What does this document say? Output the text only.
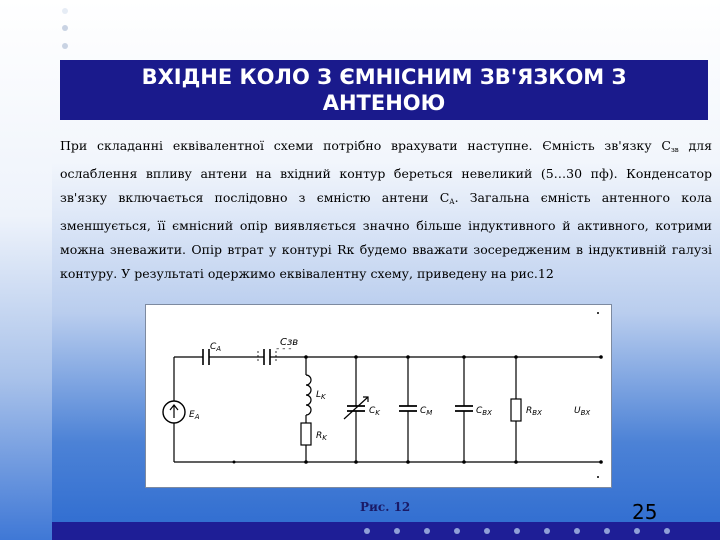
ВХІДНЕ КОЛО З ЄМНІСНИМ ЗВ'ЯЗКОМ З
АНТЕНОЮ
При складанні еквівалентної схеми потрібно врахувати наступне. Ємність зв'язку $С_{зв}$ для ослаблення впливу антени на вхідний контур береться невеликий (5…30 пф). Конденсатор зв'язку включається послідовно з ємністю антени $С_А$. Загальна ємність антенного кола зменшується, її ємнісний опір виявляється значно більше індуктивного й активного, котрими можна зневажити. Опір втрат у контурі Rк будемо вважати зосередженим в індуктивній галузі контуру. У результаті одержимо еквівалентну схему, приведену на рис.12
$C_A$
Сзв
- - -
$E_A$
$L_K$
$R_K$
$C_K$	$C_M$	$C_{ВХ}$	$R_{ВХ}$	$U_{ВХ}$
Рис. 12	25
